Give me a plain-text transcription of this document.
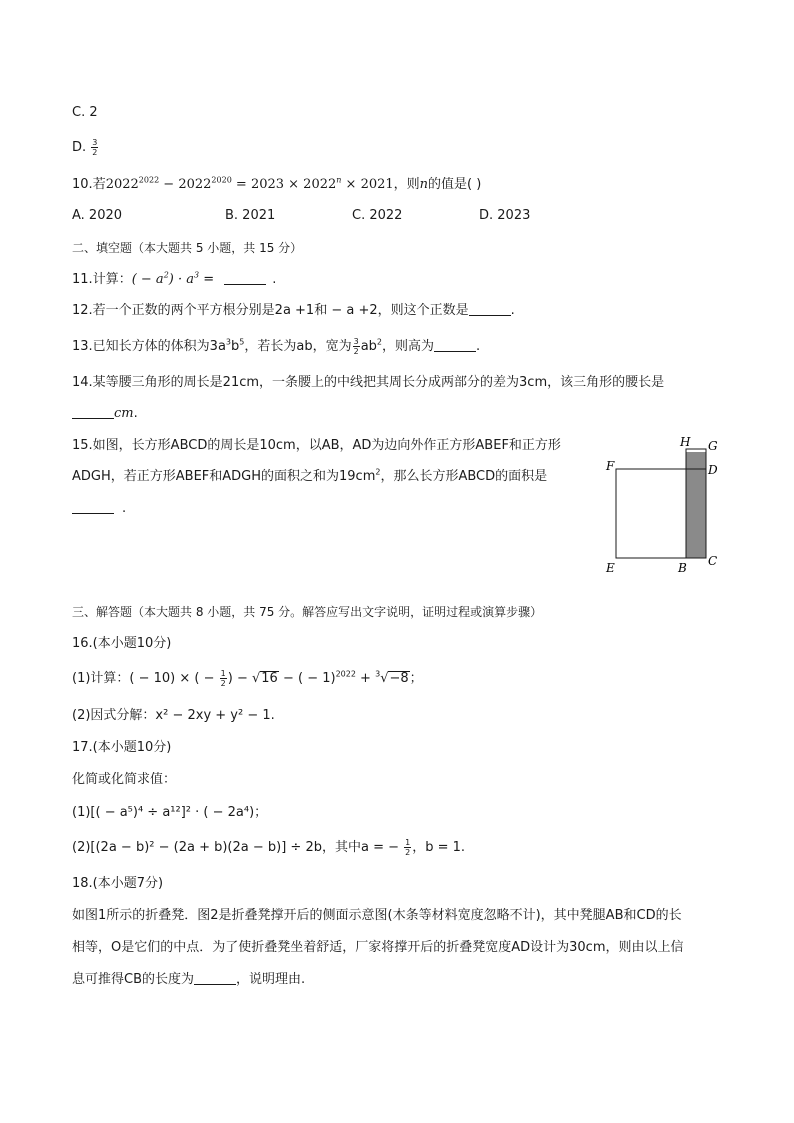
C. 2
D. $\frac{3}{2}$
10.若$2022^{2022} - 2022^{2020} = 2023 \times 2022^n \times 2021$，则n的值是( )
A. 2020	B. 2021	C. 2022	D. 2023
二、填空题（本大题共 5 小题，共 15 分）
11.计算：( − $a^2) \cdot a^3$ =	.
12.若一个正数的两个平方根分别是2a +1和 − a +2，则这个正数是	.
13.已知长方体的体积为$3a^3b^5$，若长为ab，宽为 $\frac{3}{2} ab^2$，则高为	.
14.某等腰三角形的周长是21cm，一条腰上的中线把其周长分成两部分的差为3cm，该三角形的腰长是
cm.
15.如图，长方形ABCD的周长是10cm，以AB，AD为边向外作正方形ABEF和正方形
ADGH，若正方形ABEF和ADGH的面积之和为$19cm^2$，那么长方形ABCD的面积是
.
H G
F	D
E	B C
三、解答题（本大题共 8 小题，共 75 分。解答应写出文字说明，证明过程或演算步骤）
16.(本小题10分)
(1)计算：( − 10) × ( − $\frac{1}{2}$ ) − √16 − ( − 1)$^{2022}$ + $^3$√−8；
(2)因式分解：x² − 2xy + y² − 1.
17.(本小题10分)
化简或化简求值：
(1)[( − a⁵)⁴ ÷ a¹²]² · ( − 2a⁴)；
(2)[(2a − b)² − (2a + b)(2a − b)] ÷ 2b，其中a = − $\frac{1}{2}$ ，b = 1.
18.(本小题7分)
如图1所示的折叠凳．图2是折叠凳撑开后的侧面示意图(木条等材料宽度忽略不计)，其中凳腿AB和CD的长
相等，O是它们的中点．为了使折叠凳坐着舒适，厂家将撑开后的折叠凳宽度AD设计为30cm，则由以上信
息可推得CB的长度为	，说明理由.
